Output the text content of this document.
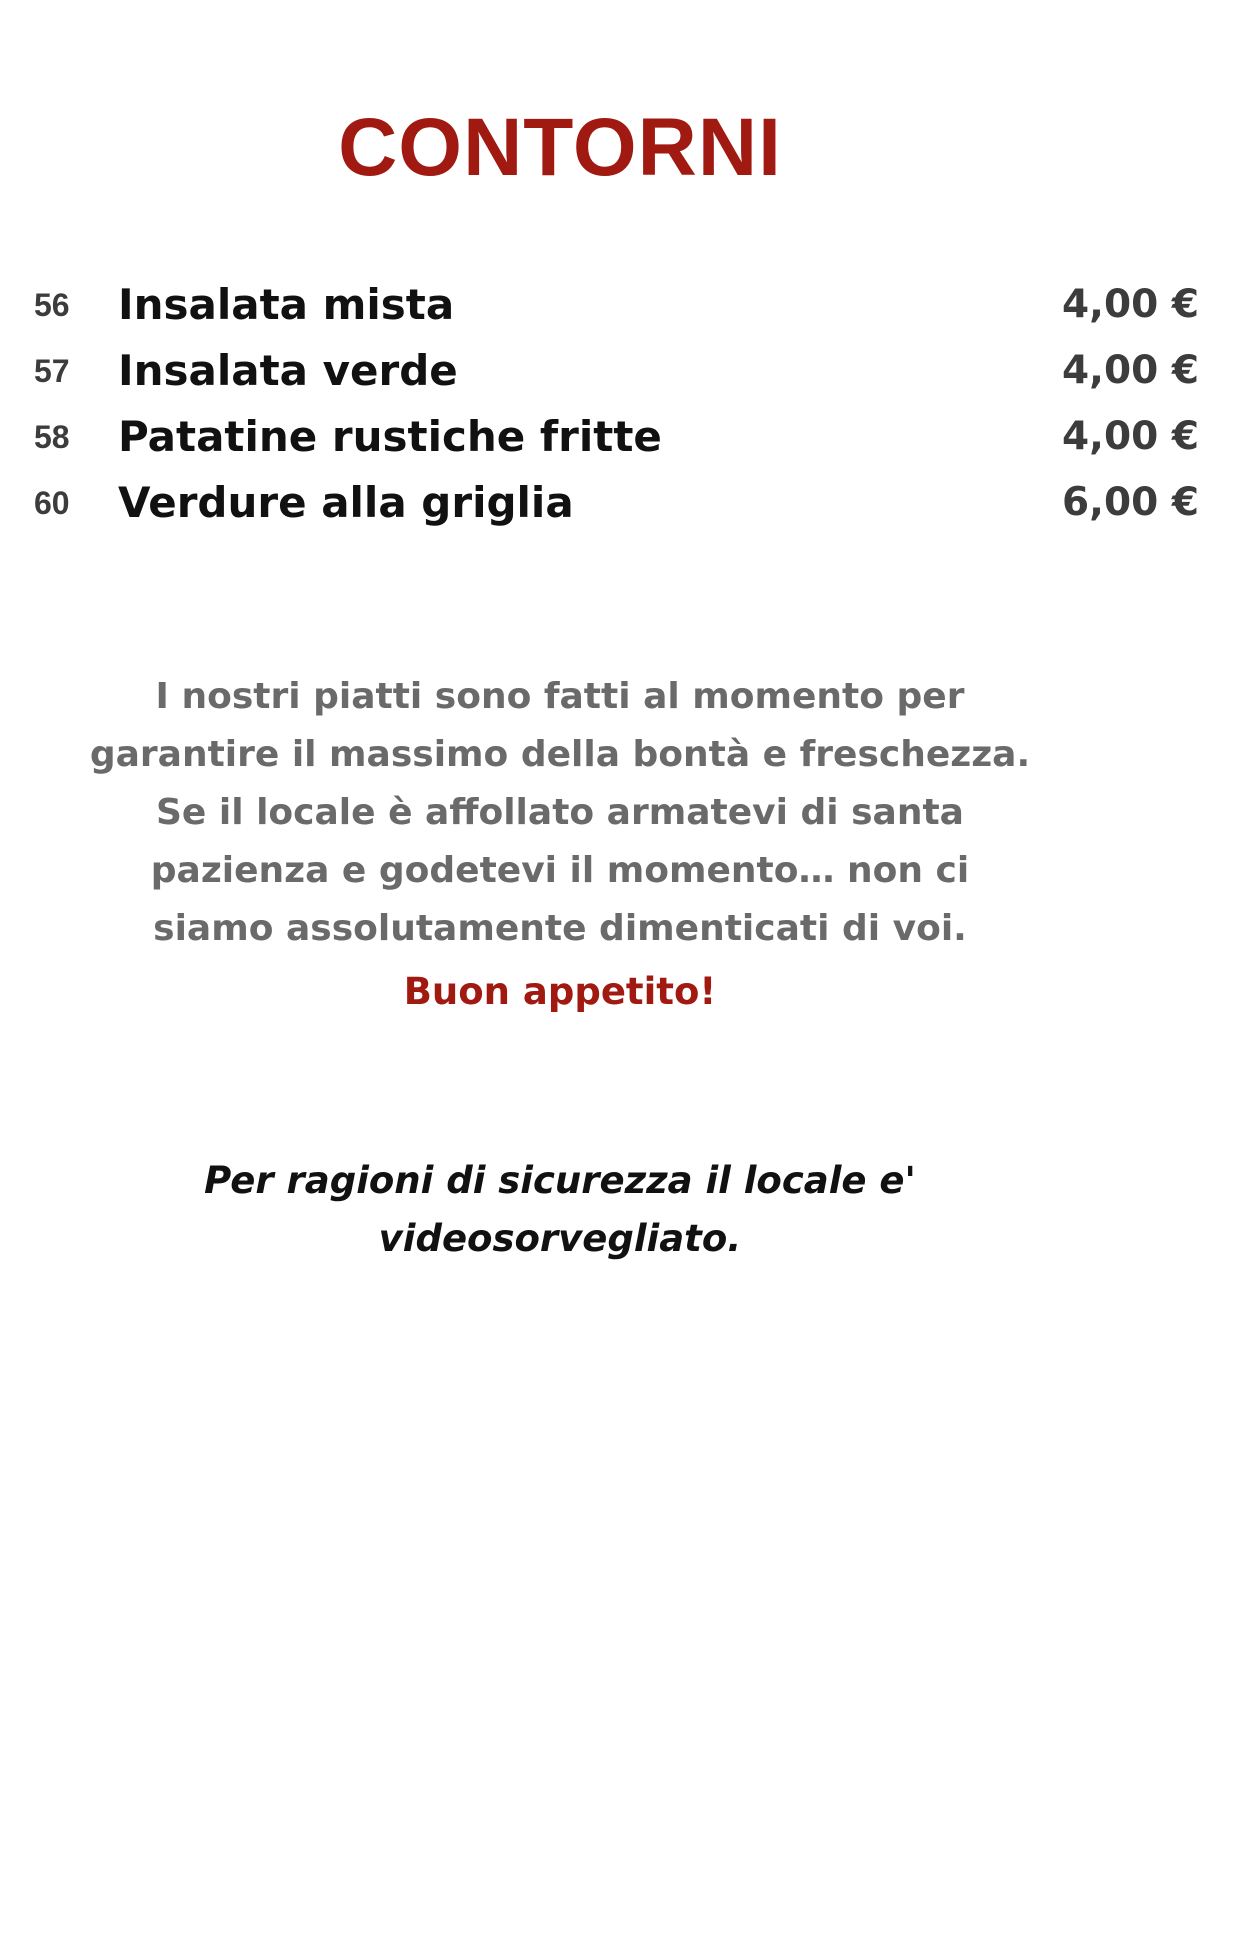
CONTORNI
56 Insalata mista	4,00 €
57 Insalata verde	4,00 €
58 Patatine rustiche fritte	4,00 €
60 Verdure alla griglia	6,00 €
I nostri piatti sono fatti al momento per
garantire il massimo della bontà e freschezza.
Se il locale è affollato armatevi di santa
pazienza e godetevi il momento… non ci
siamo assolutamente dimenticati di voi.
Buon appetito!
Per ragioni di sicurezza il locale e'
videosorvegliato.
